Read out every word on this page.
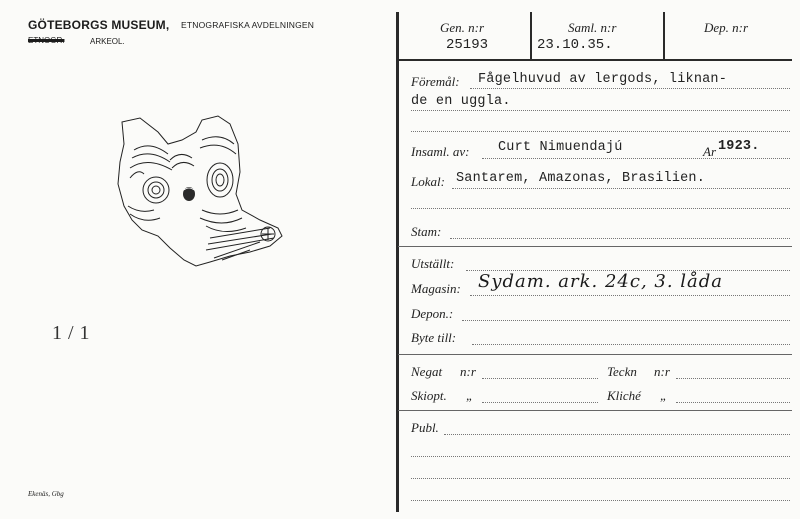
GÖTEBORGS MUSEUM, ETNOGRAFISKA AVDELNINGEN
ETNOGR.	ARKEOL.
1/1
Ekenäs, Gbg
Gen. n:r
25193
Saml. n:r
23.10.35.
Dep. n:r
Föremål: Fågelhuvud av lergods, liknan-
de en uggla.
Insaml. av: Curt Nimuendajú	Ar 1923.
Lokal: Santarem, Amazonas, Brasilien.
Stam:
Utställt:
Magasin: Sydam. ark. 24c, 3. låda
Depon.:
Byte till:
Negat n:r	Teckn n:r
Skiopt. „	Kliché „
Publ.
